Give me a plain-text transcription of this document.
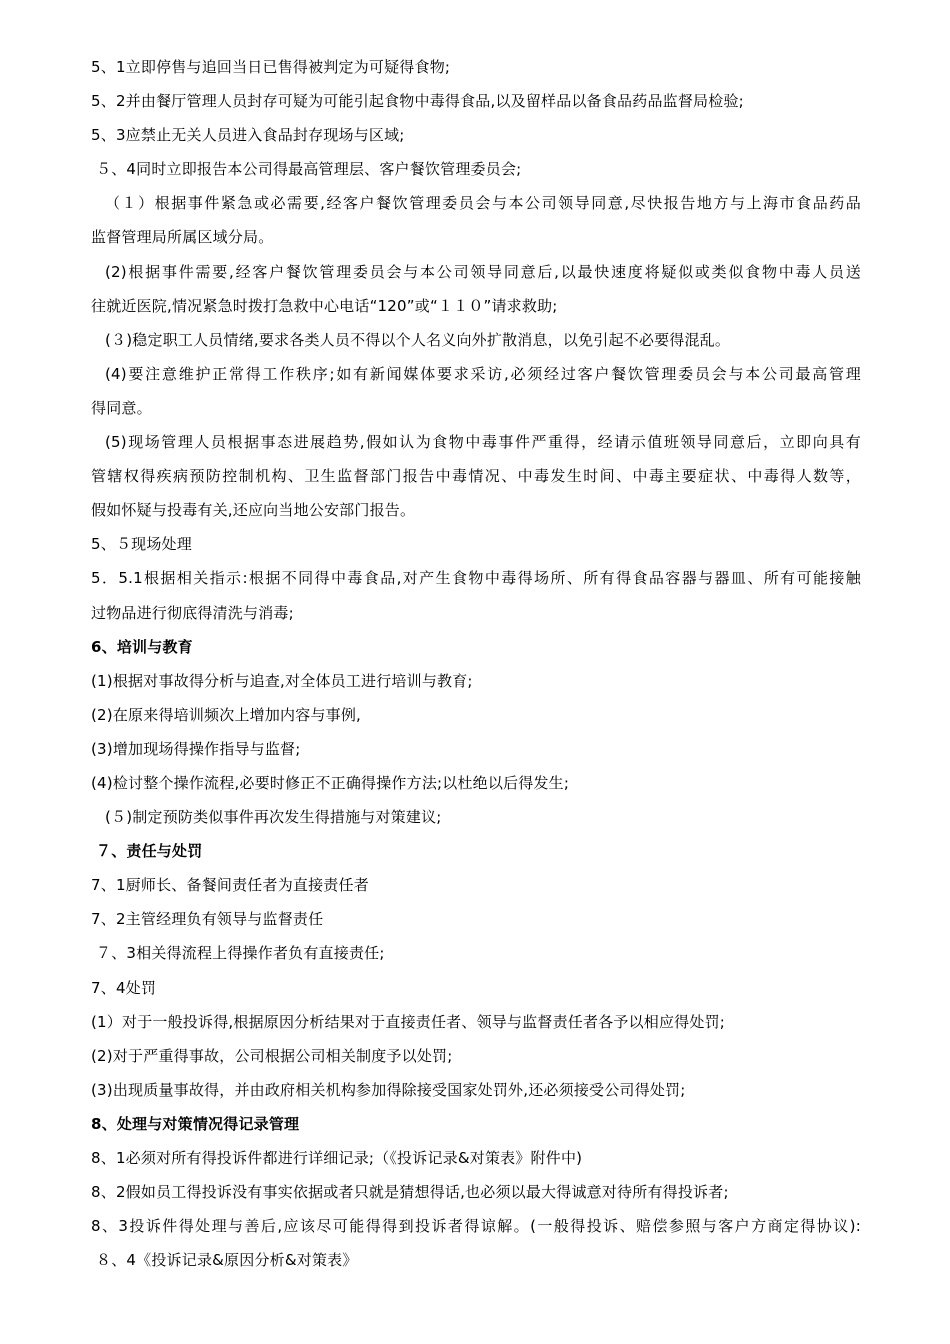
5、1立即停售与追回当日已售得被判定为可疑得食物;
5、2并由餐厅管理人员封存可疑为可能引起食物中毒得食品,以及留样品以备食品药品监督局检验;
5、3应禁止无关人员进入食品封存现场与区域;
５、4同时立即报告本公司得最高管理层、客户餐饮管理委员会;
（１）根据事件紧急或必需要,经客户餐饮管理委员会与本公司领导同意,尽快报告地方与上海市食品药品
监督管理局所属区域分局。
(2)根据事件需要,经客户餐饮管理委员会与本公司领导同意后,以最快速度将疑似或类似食物中毒人员送
往就近医院,情况紧急时拨打急救中心电话“120”或“１１０”请求救助;
(３)稳定职工人员情绪,要求各类人员不得以个人名义向外扩散消息，以免引起不必要得混乱。
(4)要注意维护正常得工作秩序;如有新闻媒体要求采访,必须经过客户餐饮管理委员会与本公司最高管理
得同意。
(5)现场管理人员根据事态进展趋势,假如认为食物中毒事件严重得，经请示值班领导同意后，立即向具有
管辖权得疾病预防控制机构、卫生监督部门报告中毒情况、中毒发生时间、中毒主要症状、中毒得人数等，
假如怀疑与投毒有关,还应向当地公安部门报告。
5、５现场处理
5．5.1根据相关指示:根据不同得中毒食品,对产生食物中毒得场所、所有得食品容器与器皿、所有可能接触
过物品进行彻底得清洗与消毒;
6、培训与教育
(1)根据对事故得分析与追查,对全体员工进行培训与教育;
(2)在原来得培训频次上增加内容与事例,
(3)增加现场得操作指导与监督;
(4)检讨整个操作流程,必要时修正不正确得操作方法;以杜绝以后得发生;
(５)制定预防类似事件再次发生得措施与对策建议;
７、责任与处罚
7、1厨师长、备餐间责任者为直接责任者
7、2主管经理负有领导与监督责任
７、3相关得流程上得操作者负有直接责任;
7、4处罚
(1）对于一般投诉得,根据原因分析结果对于直接责任者、领导与监督责任者各予以相应得处罚;
(2)对于严重得事故，公司根据公司相关制度予以处罚;
(3)出现质量事故得，并由政府相关机构参加得除接受国家处罚外,还必须接受公司得处罚;
8、处理与对策情况得记录管理
8、1必须对所有得投诉件都进行详细记录;（《投诉记录&对策表》附件中)
8、2假如员工得投诉没有事实依据或者只就是猜想得话,也必须以最大得诚意对待所有得投诉者;
8、3投诉件得处理与善后,应该尽可能得得到投诉者得谅解。(一般得投诉、赔偿参照与客户方商定得协议):
８、4《投诉记录&原因分析&对策表》
